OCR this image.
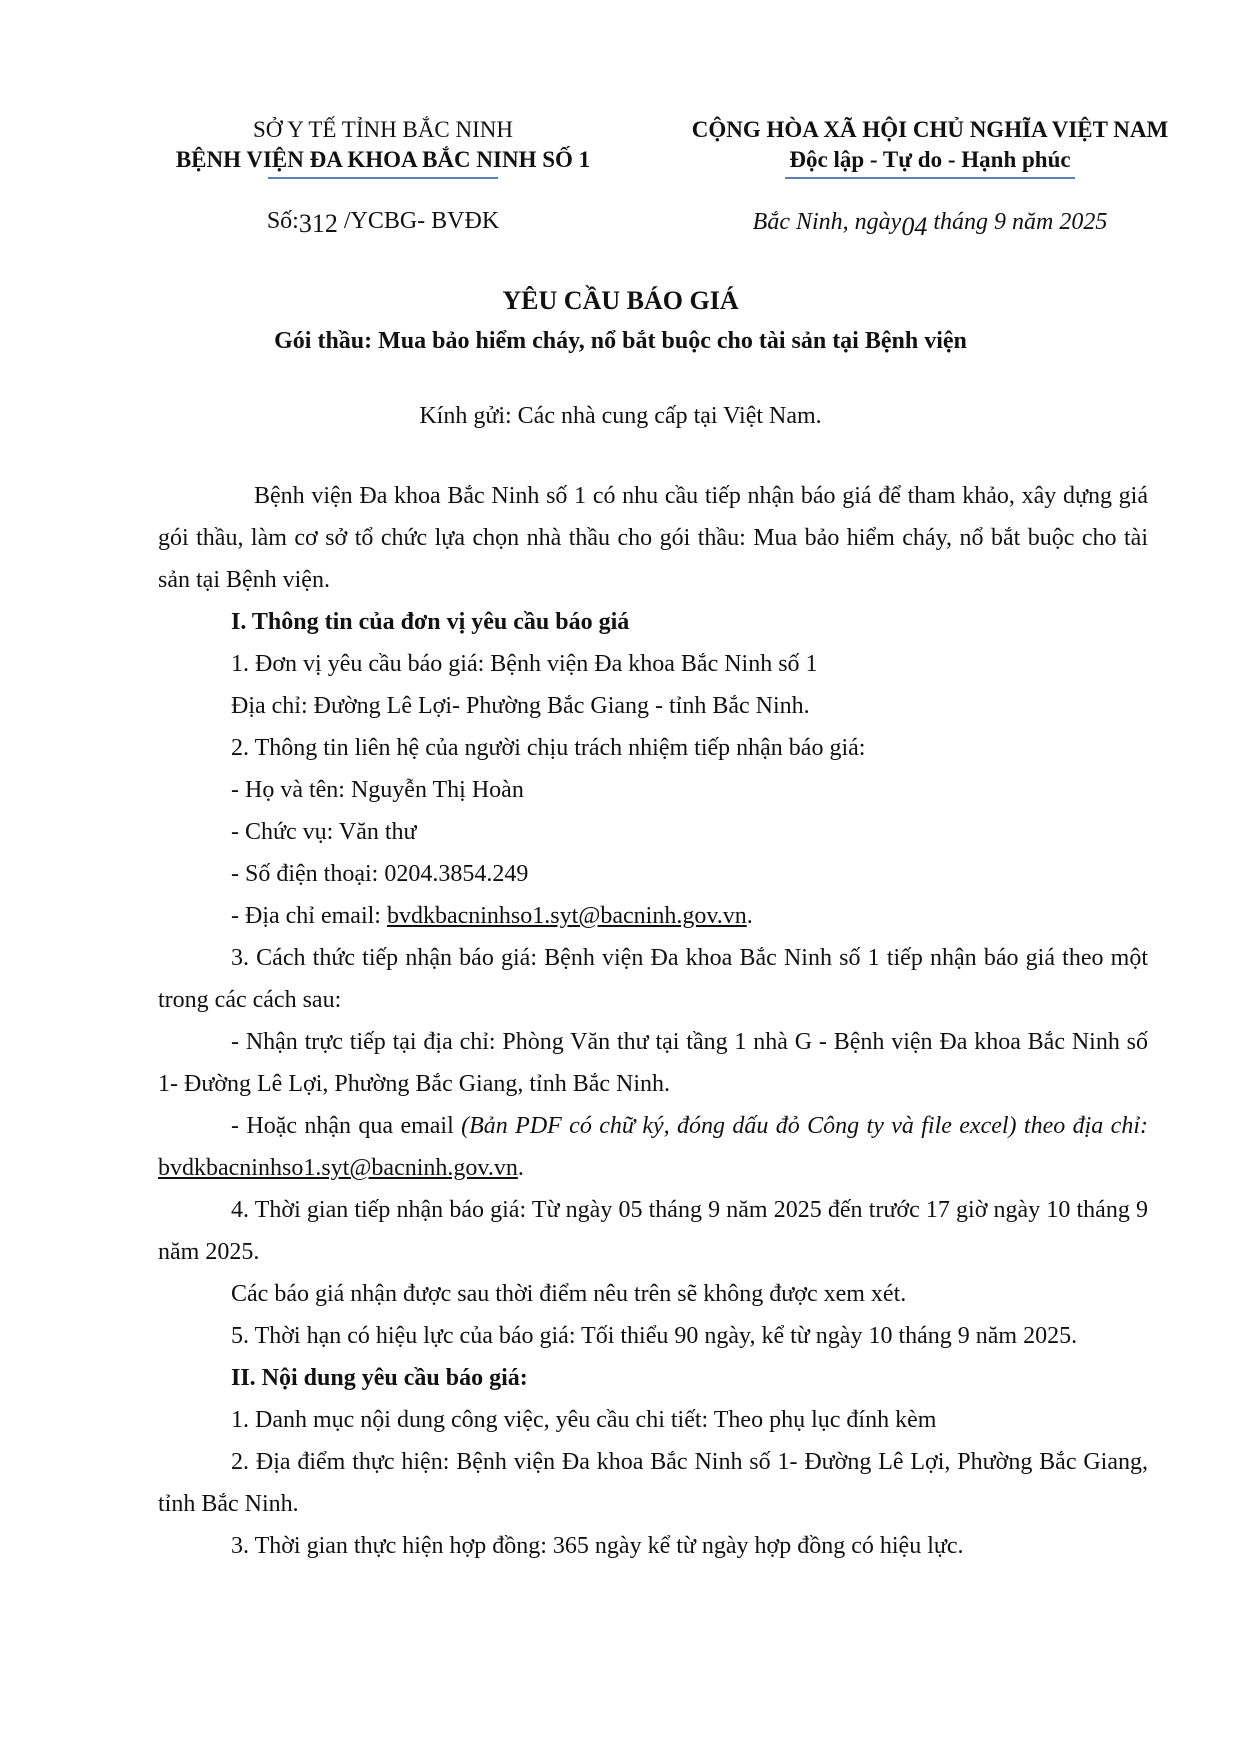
SỞ Y TẾ TỈNH BẮC NINH
BỆNH VIỆN ĐA KHOA BẮC NINH SỐ 1
CỘNG HÒA XÃ HỘI CHỦ NGHĨA VIỆT NAM
Độc lập - Tự do - Hạnh phúc
Số:312 /YCBG- BVĐK	Bắc Ninh, ngày04 tháng 9 năm 2025
YÊU CẦU BÁO GIÁ
Gói thầu: Mua bảo hiểm cháy, nổ bắt buộc cho tài sản tại Bệnh viện
Kính gửi: Các nhà cung cấp tại Việt Nam.

Bệnh viện Đa khoa Bắc Ninh số 1 có nhu cầu tiếp nhận báo giá để tham khảo, xây dựng giá gói thầu, làm cơ sở tổ chức lựa chọn nhà thầu cho gói thầu: Mua bảo hiểm cháy, nổ bắt buộc cho tài sản tại Bệnh viện.

I. Thông tin của đơn vị yêu cầu báo giá

1. Đơn vị yêu cầu báo giá: Bệnh viện Đa khoa Bắc Ninh số 1

Địa chỉ: Đường Lê Lợi- Phường Bắc Giang - tỉnh Bắc Ninh.

2. Thông tin liên hệ của người chịu trách nhiệm tiếp nhận báo giá:

- Họ và tên: Nguyễn Thị Hoàn

- Chức vụ: Văn thư

- Số điện thoại: 0204.3854.249

- Địa chỉ email: bvdkbacninhso1.syt@bacninh.gov.vn.

3. Cách thức tiếp nhận báo giá: Bệnh viện Đa khoa Bắc Ninh số 1 tiếp nhận báo giá theo một trong các cách sau:

- Nhận trực tiếp tại địa chỉ: Phòng Văn thư tại tầng 1 nhà G - Bệnh viện Đa khoa Bắc Ninh số 1- Đường Lê Lợi, Phường Bắc Giang, tỉnh Bắc Ninh.

- Hoặc nhận qua email (Bản PDF có chữ ký, đóng dấu đỏ Công ty và file excel) theo địa chỉ: bvdkbacninhso1.syt@bacninh.gov.vn.

4. Thời gian tiếp nhận báo giá: Từ ngày 05 tháng 9 năm 2025 đến trước 17 giờ ngày 10 tháng 9 năm 2025.

Các báo giá nhận được sau thời điểm nêu trên sẽ không được xem xét.

5. Thời hạn có hiệu lực của báo giá: Tối thiểu 90 ngày, kể từ ngày 10 tháng 9 năm 2025.

II. Nội dung yêu cầu báo giá:

1. Danh mục nội dung công việc, yêu cầu chi tiết: Theo phụ lục đính kèm

2. Địa điểm thực hiện: Bệnh viện Đa khoa Bắc Ninh số 1- Đường Lê Lợi, Phường Bắc Giang, tỉnh Bắc Ninh.

3. Thời gian thực hiện hợp đồng: 365 ngày kể từ ngày hợp đồng có hiệu lực.
